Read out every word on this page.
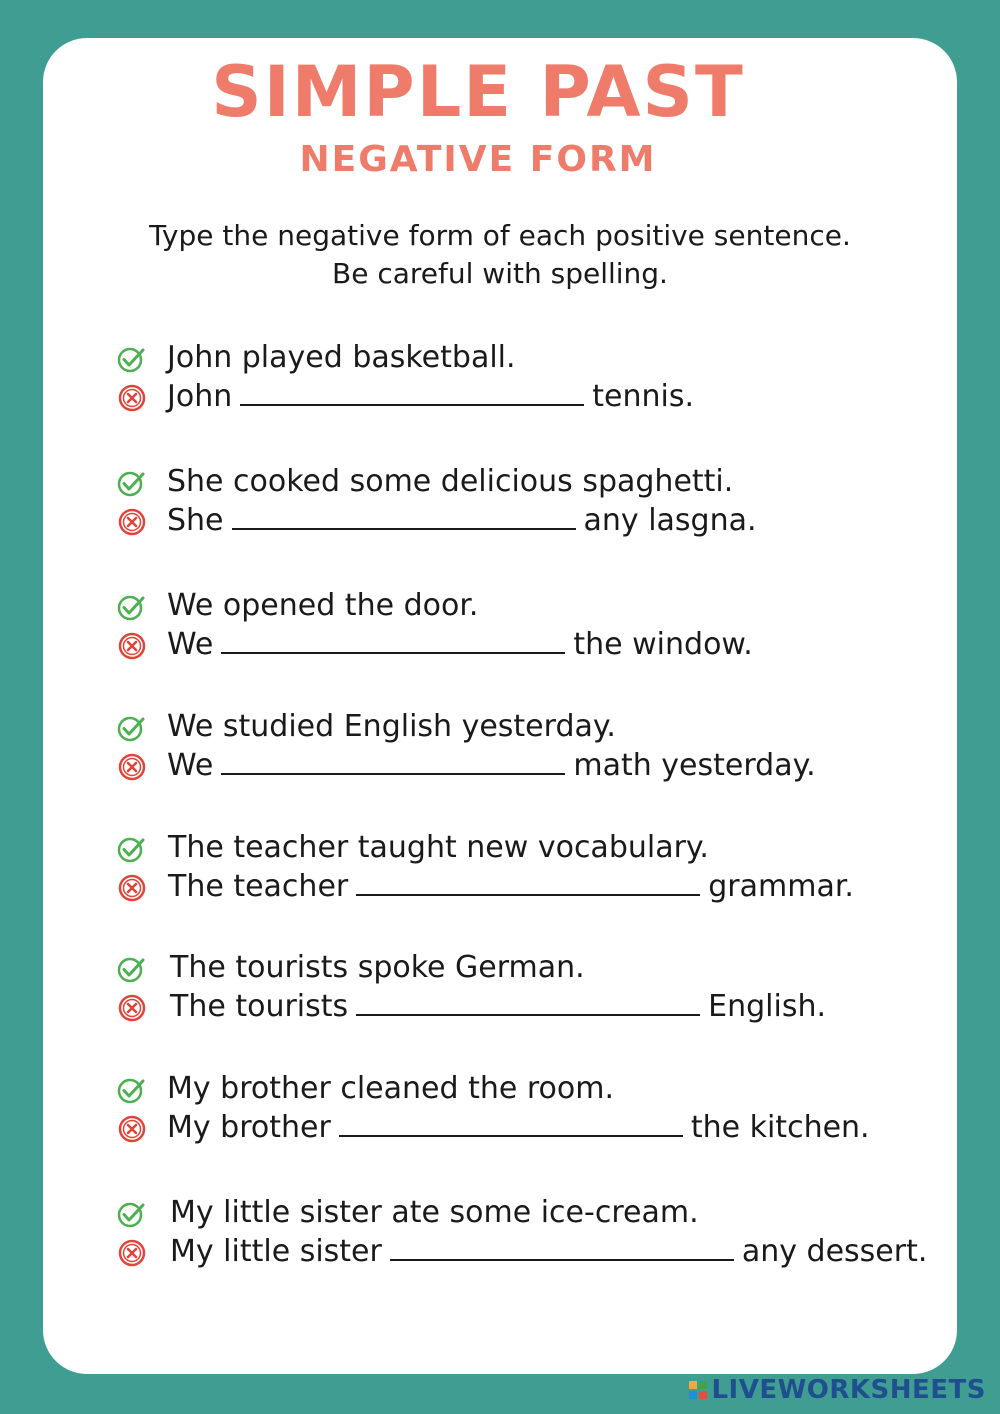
SIMPLE PAST
NEGATIVE FORM
Type the negative form of each positive sentence.
Be careful with spelling.
John played basketball.
John	tennis.
She cooked some delicious spaghetti.
She	any lasgna.
We opened the door.
We	the window.
We studied English yesterday.
We	math yesterday.
The teacher taught new vocabulary.
The teacher	grammar.
The tourists spoke German.
The tourists	English.
My brother cleaned the room.
My brother	the kitchen.
My little sister ate some ice-cream.
My little sister	any dessert.
LIVEWORKSHEETS
